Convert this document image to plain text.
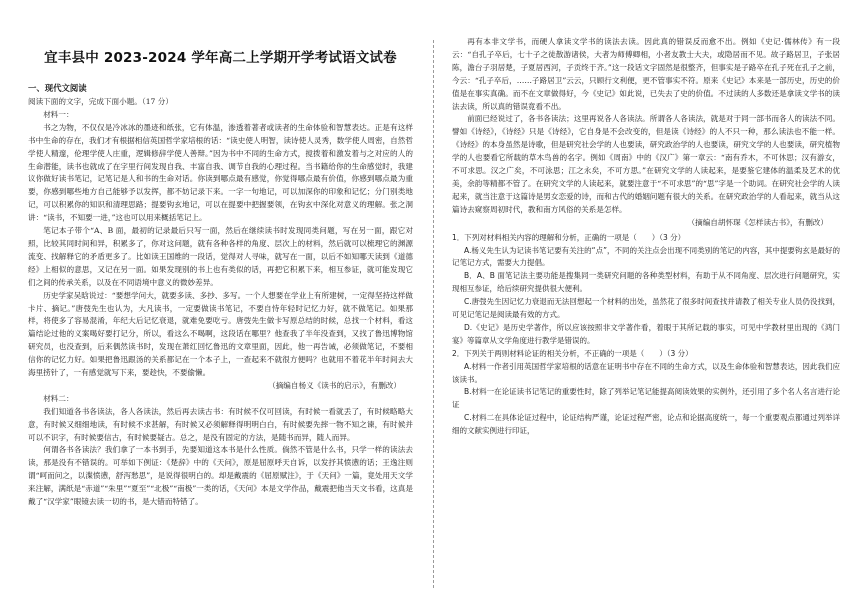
宜丰县中 2023-2024 学年高二上学期开学考试语文试卷
一、现代文阅读

阅读下面的文字，完成下面小题。（17 分）

材料一：

书之为物，不仅仅是冷冰冰的墨迹和纸张，它有体温，渗透着著者或读者的生命体验和智慧表达。正是有这样书中生命的存在，我们才有根据相信英国哲学家培根的话：“读史使人明智，读诗使人灵秀，数学使人周密，自然哲学使人精邃，伦理学使人庄重，逻辑修辞学使人善辩。”因为书中不同的生命方式，搅拨着和激发着与之对应的人的生命潜能，读书也就成了在字里行间发现自我、丰富自我、调节自我的心理过程。当书籍给你的生命感觉时，我建议你做好读书笔记，记笔记是人和书的生命对话。你读到哪点最有感觉，你觉得哪点最有价值，你感到哪点最为重要，你感到哪些地方自己能够予以发挥，都不妨记录下来。一字一句地记，可以加深你的印象和记忆；分门别类地记，可以积累你的知识和清理思路；提要钩玄地记，可以在提要中把握要领，在钩玄中深化对意义的理解。张之洞讲：“读书，不知要一进，”这也可以用来概括笔记上。

笔记本子带个“A、B 面，最初的记录最后只写一面，然后在继续读书时发现同类问题，写在另一面，跟它对照，比较其同时间和异，积累多了，你对这问题，就有各种各样的角度、层次上的材料，然后就可以梳理它的渊源流变、找解释它的矛盾更多了。比如读王国维的一段话，觉得对人寻味，就写在一面，以后不如知哪天读到《道德经》上相似的意思，又记在另一面。如果发现别的书上也有类似的话，再把它积累下来，相互参证，就可能发现它们之间的传承关系，以及在不同语境中意义的微妙差异。

历史学家吴晗说过：“要想学问大，就要多读、多抄、多写。一个人想要在学业上有所建树，一定得坚持这样做卡片、摘记。”唐弢先生也认为，大凡读书，一定要做读书笔记，不要自恃年轻时记忆力好，就不做笔记。如果那样，将使多了容易混淆，年纪大后记忆衰退，就难免要吃亏。唐弢先生做卡写原总结的时候，总找一个材料，看这篇结论过他的义案喝好要打记分，所以，看这么不喝啊，这段话在哪里？他查我了半年没查到，又找了鲁迅博物馆研究员，也没查到，后来偶然读书时，发现在萧红回忆鲁迅的文章里面，因此，他一再告诫，必须做笔记，不要相信你的记忆力好。如果把鲁迅跟汤的关系都记在一个本子上，一查起来不就很方便吗？也就用不着花半年时间去大海里捞针了，一有感觉就写下来，要趁快，不要偷懒。

（摘编自杨义《读书的启示》，有删改）

材料二：

我们知道各书各读法，各人各读法，然后再去读古书：有时候不仅可回读，有时候一看就丢了，有时候略略大意，有时候又细细地读，有时候不求甚解，有时候又必须解释得明明白白，有时候要先摔一物不知之谏，有时候并可以不识字，有时候要信古，有时候要疑古。总之，是没有固定的方法，是随书而异，随人而异。

何谓各书各读法？我们拿了一本书到手，先要知道这本书是什么性质。倘然不管是什么书，只学一样的读法去读，那是没有不错误的。可举如下例证：《楚辞》中的《天问》，原是屈原呼天自诉，以发抒其愤懑的话；王逸注则谓“呵而问之，以渫愤懑，舒泻愁思”，是说得很明白的。却是戴震的《屈原赋注》，于《天问》一篇，竟处用天文学来注解，满纸是“赤道”“朱里”“夏至”“北极”“南极”一类的话，《天问》本是文学作品，戴震把他当天文书看，这真是戴了“汉学家”眼镜去读一切的书，是大错而特错了。

再有本非文学书，而硬人拿读文学书的读法去读。因此真的错误反而愈不出。例如《史记·儒林传》有一段云：“自孔子卒后，七十子之徒散游诸侯，大者为师傅卿相，小者友教士大夫，或隐居而不见。故子路居卫，子张居陈，澹台子羽居楚，子夏居西河，子贡终于齐。”这一段话文字固然是很整齐，但事实是子路卒在孔子死在孔子之前，今云：“孔子卒后，……子路居卫”云云，只顾行文利便，更不管事实不符。原来《史记》本来是一部历史，历史的价值是在事实真确。而不在文章做得好，今《史记》如此说，已失去了史的价值。不过读的人多数还是拿读文学书的读法去读，所以真的错误竟看不出。

前面已经说过了，各书各读法；这里再说各人各读法。所谓各人各读法，就是对于同一部书而各人的读法不同。譬如《诗经》，《诗经》只是《诗经》，它自身是不会改变的，但是读《诗经》的人不只一种，那么读法也不能一样。《诗经》的本身虽然是诗歌，但是研究社会学的人也要读，研究政治学的人也要读，研究文学的人也要读，研究植物学的人也要看它所载的草木鸟兽的名字。例如《周南》中的《汉广》第一章云：“南有乔木，不可休思；汉有游女，不可求思。汉之广矣，不可泳思；江之永矣，不可方思。”在研究文学的人读起来，是要鉴它建体的温柔及艺术的优美，余韵等精都不管了。在研究文学的人读起来，就要注意于“不可求思”的“思”字是一个助词。在研究社会学的人读起来，就当注意于这篇诗是男女恋爱的诗，而和古代的婚姻问题有很大的关系。在研究政治学的人看起来，就当从这篇诗去窥察周初时代，教和南方风俗的关系是怎样。

（摘编自胡怀琛《怎样读古书》，有删改）

1．下列对材料相关内容的理解和分析，正确的一项是（　　）（3 分）

A.杨义先生认为记读书笔记要有关注的“点”，不同的关注点会出现不同类别的笔记的内容，其中提要钩玄是最好的记笔记方式，需要大力提倡。

B．A、B 面笔记法主要功能是搜集同一类研究问题的各种类型材料，有助于从不同角度、层次进行问题研究，实现相互参证，给后续研究提供很大便利。

C.唐弢先生因记忆力衰退而无法回想起一个材料的出处，虽然花了很多时间查找并请教了相关专业人员仍没找到，可见记笔记是阅读最有效的方式。

D.《史记》是历史学著作，所以应该按照非文学著作看，着眼于其所记载的事实，可见中学教材里出现的《鸿门宴》等篇章从文学角度进行教学是错误的。

2．下列关于两则材料论证的相关分析，不正确的一项是（　　）（3 分）

A.材料一作者引用英国哲学家培根的话意在证明书中存在不同的生命方式，以及生命体验和智慧表达，因此我们应该读书。

B.材料一在论证读书记笔记的重要性时，除了列举记笔记能提高阅读效果的实例外，还引用了多个名人名言进行论证

C.材料二在具体论证过程中，论证结构严谨，论证过程严密，论点和论据高度统一，每一个重要观点都通过列举详细的文献实例进行印证，
